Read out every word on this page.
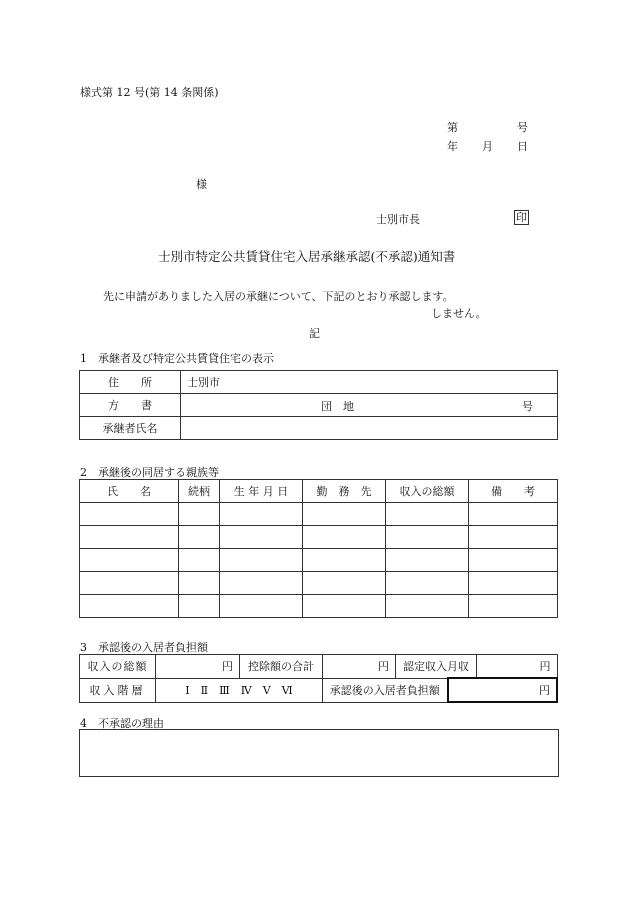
様式第 12 号(第 14 条関係)
第	号
年 月 日
様
士別市長	印
士別市特定公共賃貸住宅入居承継承認(不承認)通知書
先に申請がありました入居の承継について、下記のとおり承認します。
しません。
記
1　承継者及び特定公共賃貸住宅の表示
住　　所	士別市
方　　書	団　地 号

承継者氏名	
2　承継後の同居する親族等
氏　　名	続柄	生 年 月 日	勤　務　先	収入の総額	備　　考

3　承認後の入居者負担額
収入の総額	円	控除額の合計	円	認定収入月収 円	

収入階層	Ⅰ　Ⅱ　Ⅲ　Ⅳ　Ⅴ　Ⅵ		承認後の入居者負担額		円
4　不承認の理由
